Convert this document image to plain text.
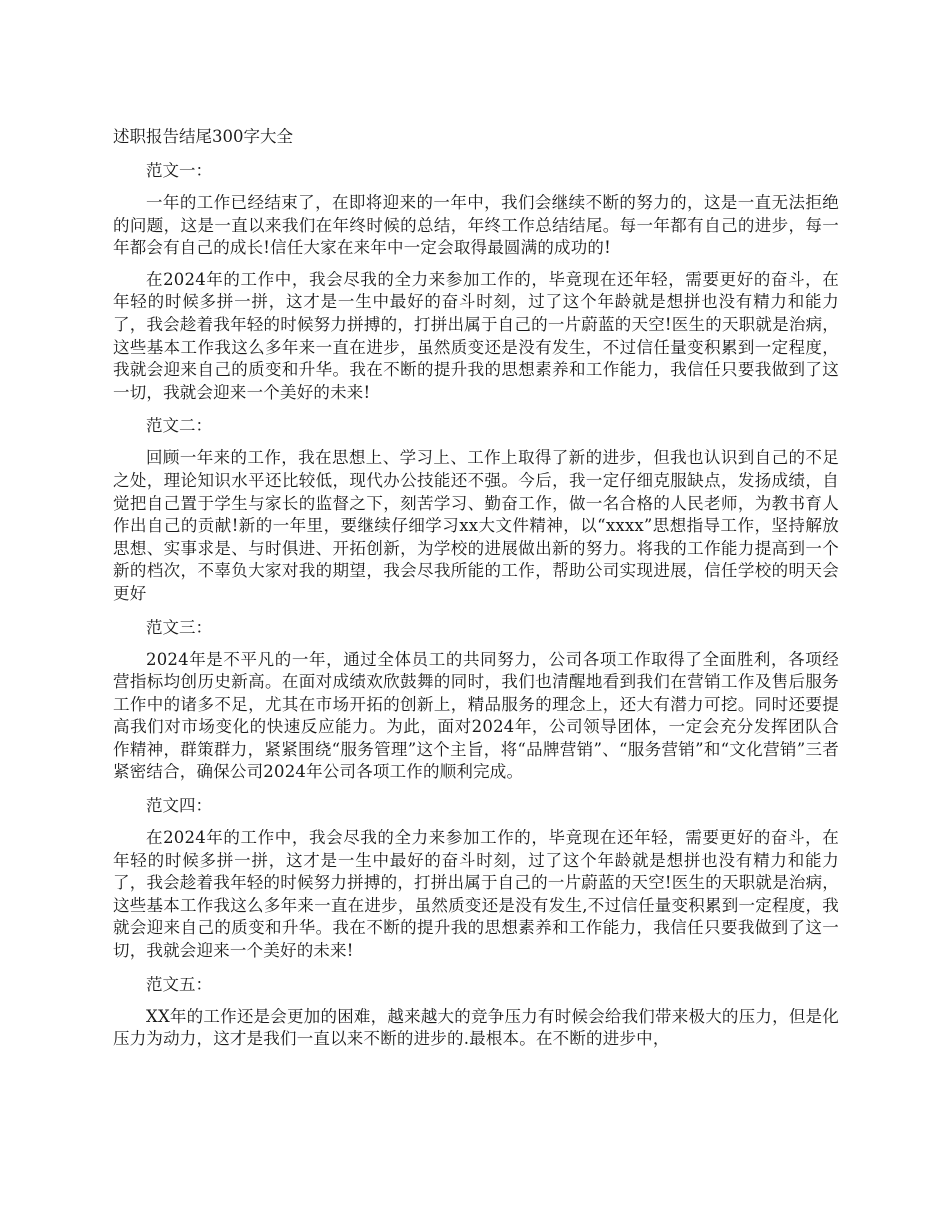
述职报告结尾300字大全

范文一：

一年的工作已经结束了，在即将迎来的一年中，我们会继续不断的努力的，这是一直无法拒绝的问题，这是一直以来我们在年终时候的总结，年终工作总结结尾。每一年都有自己的进步，每一年都会有自己的成长!信任大家在来年中一定会取得最圆满的成功的!

在2024年的工作中，我会尽我的全力来参加工作的，毕竟现在还年轻，需要更好的奋斗，在年轻的时候多拼一拼，这才是一生中最好的奋斗时刻，过了这个年龄就是想拼也没有精力和能力了，我会趁着我年轻的时候努力拼搏的，打拼出属于自己的一片蔚蓝的天空!医生的天职就是治病，这些基本工作我这么多年来一直在进步，虽然质变还是没有发生，不过信任量变积累到一定程度，我就会迎来自己的质变和升华。我在不断的提升我的思想素养和工作能力，我信任只要我做到了这一切，我就会迎来一个美好的未来!

范文二：

回顾一年来的工作，我在思想上、学习上、工作上取得了新的进步，但我也认识到自己的不足之处，理论知识水平还比较低，现代办公技能还不强。今后，我一定仔细克服缺点，发扬成绩，自觉把自己置于学生与家长的监督之下，刻苦学习、勤奋工作，做一名合格的人民老师，为教书育人作出自己的贡献!新的一年里，要继续仔细学习xx大文件精神，以“xxxx”思想指导工作，坚持解放思想、实事求是、与时俱进、开拓创新，为学校的进展做出新的努力。将我的工作能力提高到一个新的档次，不辜负大家对我的期望，我会尽我所能的工作，帮助公司实现进展，信任学校的明天会更好

范文三：

2024年是不平凡的一年，通过全体员工的共同努力，公司各项工作取得了全面胜利，各项经营指标均创历史新高。在面对成绩欢欣鼓舞的同时，我们也清醒地看到我们在营销工作及售后服务工作中的诸多不足，尤其在市场开拓的创新上，精品服务的理念上，还大有潜力可挖。同时还要提高我们对市场变化的快速反应能力。为此，面对2024年，公司领导团体，一定会充分发挥团队合作精神，群策群力，紧紧围绕“服务管理”这个主旨，将“品牌营销”、“服务营销”和“文化营销”三者紧密结合，确保公司2024年公司各项工作的顺利完成。

范文四：

在2024年的工作中，我会尽我的全力来参加工作的，毕竟现在还年轻，需要更好的奋斗，在年轻的时候多拼一拼，这才是一生中最好的奋斗时刻，过了这个年龄就是想拼也没有精力和能力了，我会趁着我年轻的时候努力拼搏的，打拼出属于自己的一片蔚蓝的天空!医生的天职就是治病，这些基本工作我这么多年来一直在进步，虽然质变还是没有发生,不过信任量变积累到一定程度，我就会迎来自己的质变和升华。我在不断的提升我的思想素养和工作能力，我信任只要我做到了这一切，我就会迎来一个美好的未来!

范文五：

XX年的工作还是会更加的困难，越来越大的竞争压力有时候会给我们带来极大的压力，但是化压力为动力，这才是我们一直以来不断的进步的.最根本。在不断的进步中，
